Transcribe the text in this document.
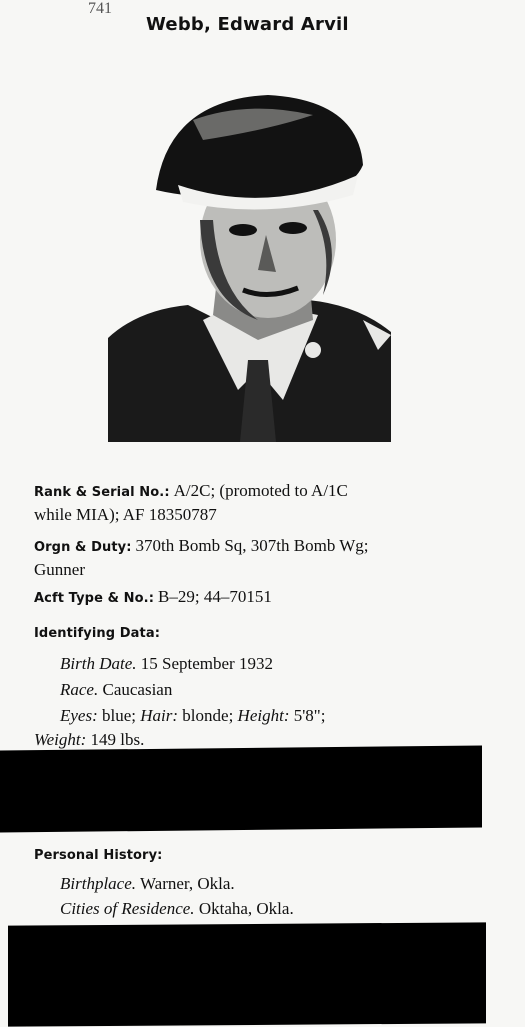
741
Webb, Edward Arvil
Rank & Serial No.: A/2C; (promoted to A/1C
while MIA); AF 18350787
Orgn & Duty: 370th Bomb Sq, 307th Bomb Wg;
Gunner
Acft Type & No.: B–29; 44–70151
Identifying Data:
Birth Date. 15 September 1932
Race. Caucasian
Eyes: blue; Hair: blonde; Height: 5'8";
Weight: 149 lbs.
Personal History:
Birthplace. Warner, Okla.
Cities of Residence. Oktaha, Okla.
